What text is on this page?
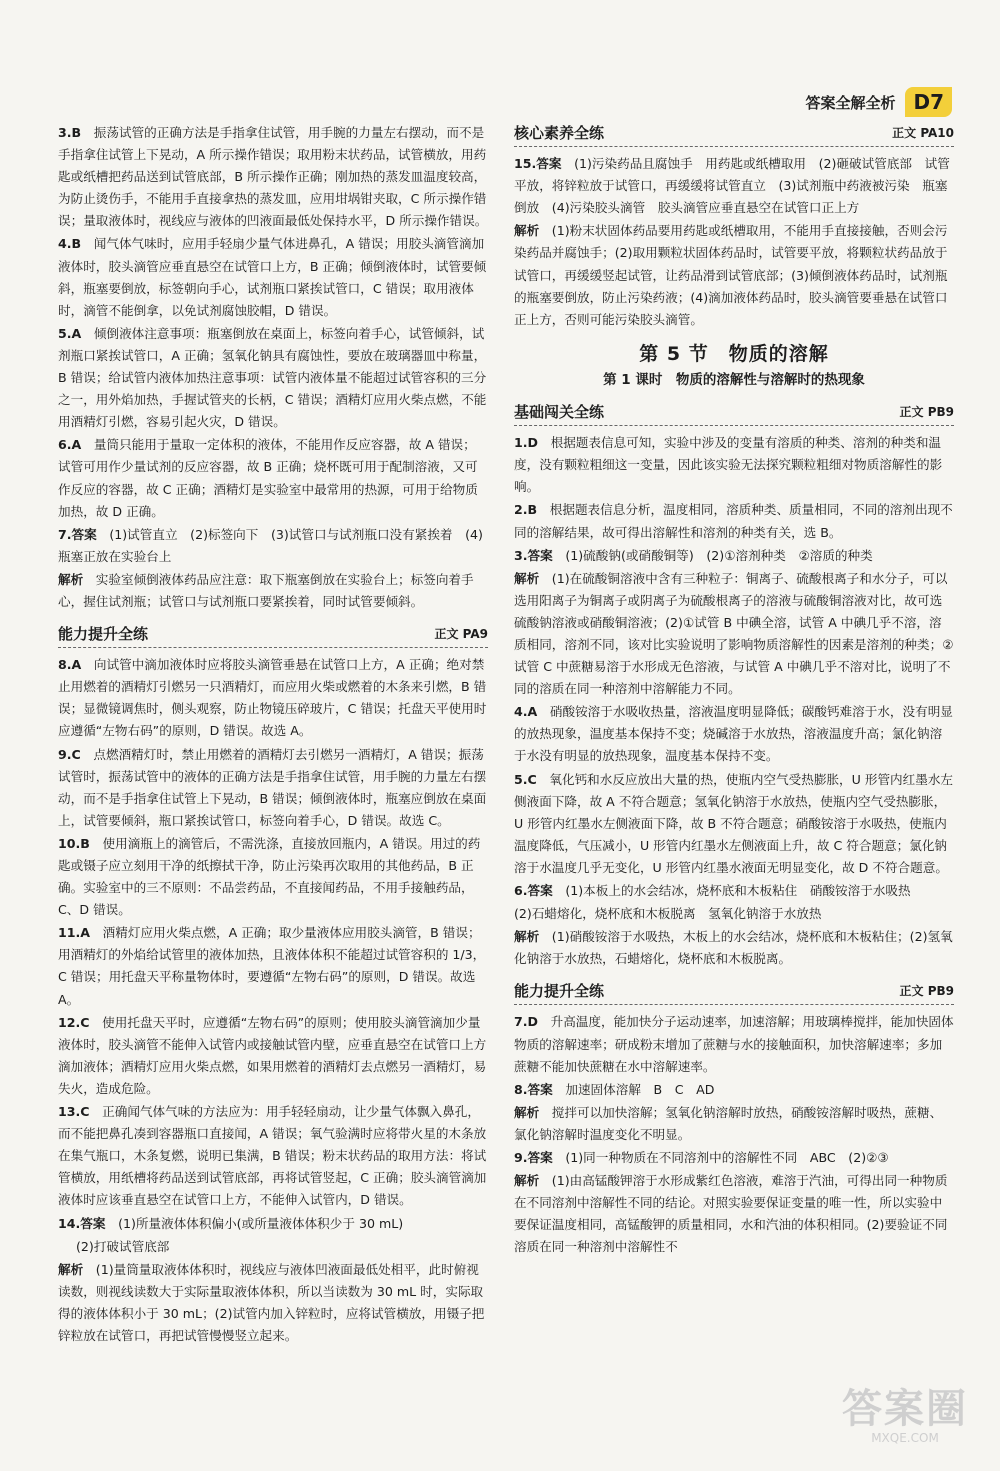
答案全解全析 D7
3.B　 振荡试管的正确方法是手指拿住试管，用手腕的力量左右摆动，而不是手指拿住试管上下晃动，A 所示操作错误；取用粉末状药品，试管横放，用药匙或纸槽把药品送到试管底部，B 所示操作正确；刚加热的蒸发皿温度较高，为防止烫伤手，不能用手直接拿热的蒸发皿，应用坩埚钳夹取，C 所示操作错误；量取液体时，视线应与液体的凹液面最低处保持水平，D 所示操作错误。
4.B　 闻气体气味时，应用手轻扇少量气体进鼻孔，A 错误；用胶头滴管滴加液体时，胶头滴管应垂直悬空在试管口上方，B 正确；倾倒液体时，试管要倾斜，瓶塞要倒放，标签朝向手心，试剂瓶口紧挨试管口，C 错误；取用液体时，滴管不能倒拿，以免试剂腐蚀胶帽，D 错误。
5.A　 倾倒液体注意事项：瓶塞倒放在桌面上，标签向着手心，试管倾斜，试剂瓶口紧挨试管口，A 正确；氢氧化钠具有腐蚀性，要放在玻璃器皿中称量，B 错误；给试管内液体加热注意事项：试管内液体量不能超过试管容积的三分之一，用外焰加热，手握试管夹的长柄，C 错误；酒精灯应用火柴点燃，不能用酒精灯引燃，容易引起火灾，D 错误。
6.A　 量筒只能用于量取一定体积的液体，不能用作反应容器，故 A 错误；试管可用作少量试剂的反应容器，故 B 正确；烧杯既可用于配制溶液，又可作反应的容器，故 C 正确；酒精灯是实验室中最常用的热源，可用于给物质加热，故 D 正确。
7.答案　 (1)试管直立　(2)标签向下　(3)试管口与试剂瓶口没有紧挨着　(4)瓶塞正放在实验台上
解析　 实验室倾倒液体药品应注意：取下瓶塞倒放在实验台上；标签向着手心，握住试剂瓶；试管口与试剂瓶口要紧挨着，同时试管要倾斜。
能力提升全练	正文 PA9
8.A　 向试管中滴加液体时应将胶头滴管垂悬在试管口上方，A 正确；绝对禁止用燃着的酒精灯引燃另一只酒精灯，而应用火柴或燃着的木条来引燃，B 错误；显微镜调焦时，侧头观察，防止物镜压碎玻片，C 错误；托盘天平使用时应遵循“左物右码”的原则，D 错误。故选 A。
9.C　 点燃酒精灯时，禁止用燃着的酒精灯去引燃另一酒精灯，A 错误；振荡试管时，振荡试管中的液体的正确方法是手指拿住试管，用手腕的力量左右摆动，而不是手指拿住试管上下晃动，B 错误；倾倒液体时，瓶塞应倒放在桌面上，试管要倾斜，瓶口紧挨试管口，标签向着手心，D 错误。故选 C。
10.B　 使用滴瓶上的滴管后，不需洗涤，直接放回瓶内，A 错误。用过的药匙或镊子应立刻用干净的纸擦拭干净，防止污染再次取用的其他药品，B 正确。实验室中的三不原则：不品尝药品，不直接闻药品，不用手接触药品，C、D 错误。
11.A　 酒精灯应用火柴点燃，A 正确；取少量液体应用胶头滴管，B 错误；用酒精灯的外焰给试管里的液体加热，且液体体积不能超过试管容积的 1/3，C 错误；用托盘天平称量物体时，要遵循“左物右码”的原则，D 错误。故选 A。
12.C　 使用托盘天平时，应遵循“左物右码”的原则；使用胶头滴管滴加少量液体时，胶头滴管不能伸入试管内或接触试管内壁，应垂直悬空在试管口上方滴加液体；酒精灯应用火柴点燃，如果用燃着的酒精灯去点燃另一酒精灯，易失火，造成危险。
13.C　 正确闻气体气味的方法应为：用手轻轻扇动，让少量气体飘入鼻孔，而不能把鼻孔凑到容器瓶口直接闻，A 错误；氧气验满时应将带火星的木条放在集气瓶口，木条复燃，说明已集满，B 错误；粉末状药品的取用方法：将试管横放，用纸槽将药品送到试管底部，再将试管竖起，C 正确；胶头滴管滴加液体时应该垂直悬空在试管口上方，不能伸入试管内，D 错误。
14.答案　 (1)所量液体体积偏小(或所量液体体积少于 30 mL)
(2)打破试管底部
解析　 (1)量筒量取液体体积时，视线应与液体凹液面最低处相平，此时俯视读数，则视线读数大于实际量取液体体积，所以当读数为 30 mL 时，实际取得的液体体积小于 30 mL；(2)试管内加入锌粒时，应将试管横放，用镊子把锌粒放在试管口，再把试管慢慢竖立起来。
核心素养全练	正文 PA10
15.答案　 (1)污染药品且腐蚀手　用药匙或纸槽取用　(2)砸破试管底部　试管平放，将锌粒放于试管口，再缓缓将试管直立　(3)试剂瓶中药液被污染　瓶塞倒放　(4)污染胶头滴管　胶头滴管应垂直悬空在试管口正上方
解析　 (1)粉末状固体药品要用药匙或纸槽取用，不能用手直接接触，否则会污染药品并腐蚀手；(2)取用颗粒状固体药品时，试管要平放，将颗粒状药品放于试管口，再缓缓竖起试管，让药品滑到试管底部；(3)倾倒液体药品时，试剂瓶的瓶塞要倒放，防止污染药液；(4)滴加液体药品时，胶头滴管要垂悬在试管口正上方，否则可能污染胶头滴管。
第 5 节　物质的溶解
第 1 课时　物质的溶解性与溶解时的热现象
基础闯关全练	正文 PB9
1.D　 根据题表信息可知，实验中涉及的变量有溶质的种类、溶剂的种类和温度，没有颗粒粗细这一变量，因此该实验无法探究颗粒粗细对物质溶解性的影响。
2.B　 根据题表信息分析，温度相同，溶质种类、质量相同，不同的溶剂出现不同的溶解结果，故可得出溶解性和溶剂的种类有关，选 B。
3.答案　 (1)硫酸钠(或硝酸铜等)　(2)①溶剂种类　②溶质的种类
解析　 (1)在硫酸铜溶液中含有三种粒子：铜离子、硫酸根离子和水分子，可以选用阳离子为铜离子或阴离子为硫酸根离子的溶液与硫酸铜溶液对比，故可选硫酸钠溶液或硝酸铜溶液；(2)①试管 B 中碘全溶，试管 A 中碘几乎不溶，溶质相同，溶剂不同，该对比实验说明了影响物质溶解性的因素是溶剂的种类；②试管 C 中蔗糖易溶于水形成无色溶液，与试管 A 中碘几乎不溶对比，说明了不同的溶质在同一种溶剂中溶解能力不同。
4.A　 硝酸铵溶于水吸收热量，溶液温度明显降低；碳酸钙难溶于水，没有明显的放热现象，温度基本保持不变；烧碱溶于水放热，溶液温度升高；氯化钠溶于水没有明显的放热现象，温度基本保持不变。
5.C　 氧化钙和水反应放出大量的热，使瓶内空气受热膨胀，U 形管内红墨水左侧液面下降，故 A 不符合题意；氢氧化钠溶于水放热，使瓶内空气受热膨胀，U 形管内红墨水左侧液面下降，故 B 不符合题意；硝酸铵溶于水吸热，使瓶内温度降低，气压减小，U 形管内红墨水左侧液面上升，故 C 符合题意；氯化钠溶于水温度几乎无变化，U 形管内红墨水液面无明显变化，故 D 不符合题意。
6.答案　 (1)本板上的水会结冰，烧杯底和木板粘住　硝酸铵溶于水吸热
(2)石蜡熔化，烧杯底和木板脱离　氢氧化钠溶于水放热
解析　 (1)硝酸铵溶于水吸热，木板上的水会结冰，烧杯底和木板粘住；(2)氢氧化钠溶于水放热，石蜡熔化，烧杯底和木板脱离。
能力提升全练	正文 PB9
7.D　 升高温度，能加快分子运动速率，加速溶解；用玻璃棒搅拌，能加快固体物质的溶解速率；研成粉末增加了蔗糖与水的接触面积，加快溶解速率；多加蔗糖不能加快蔗糖在水中溶解速率。
8.答案　 加速固体溶解　B　C　AD
解析　 搅拌可以加快溶解；氢氧化钠溶解时放热，硝酸铵溶解时吸热，蔗糖、氯化钠溶解时温度变化不明显。
9.答案　 (1)同一种物质在不同溶剂中的溶解性不同　ABC　(2)②③
解析　 (1)由高锰酸钾溶于水形成紫红色溶液，难溶于汽油，可得出同一种物质在不同溶剂中溶解性不同的结论。对照实验要保证变量的唯一性，所以实验中要保证温度相同，高锰酸钾的质量相同，水和汽油的体积相同。(2)要验证不同溶质在同一种溶剂中溶解性不
答案圈
MXQE.COM
